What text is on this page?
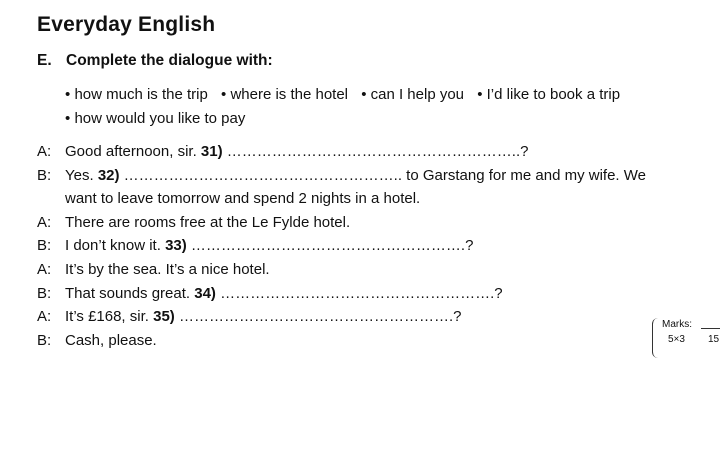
Everyday English
E. Complete the dialogue with:
• how much is the trip • where is the hotel • can I help you • I’d like to book a trip
• how would you like to pay
A: Good afternoon, sir. 31) …………………………………………………..?
B: Yes. 32) ……………………………………………….. to Garstang for me and my wife. We
want to leave tomorrow and spend 2 nights in a hotel.
A: There are rooms free at the Le Fylde hotel.
B: I don’t know it. 33) ……………………………………………….?
A: It’s by the sea. It’s a nice hotel.
B: That sounds great. 34) ……………………………………………….?
A: It’s £168, sir. 35) ……………………………………………….?
B: Cash, please.
Marks:
5×3 15
